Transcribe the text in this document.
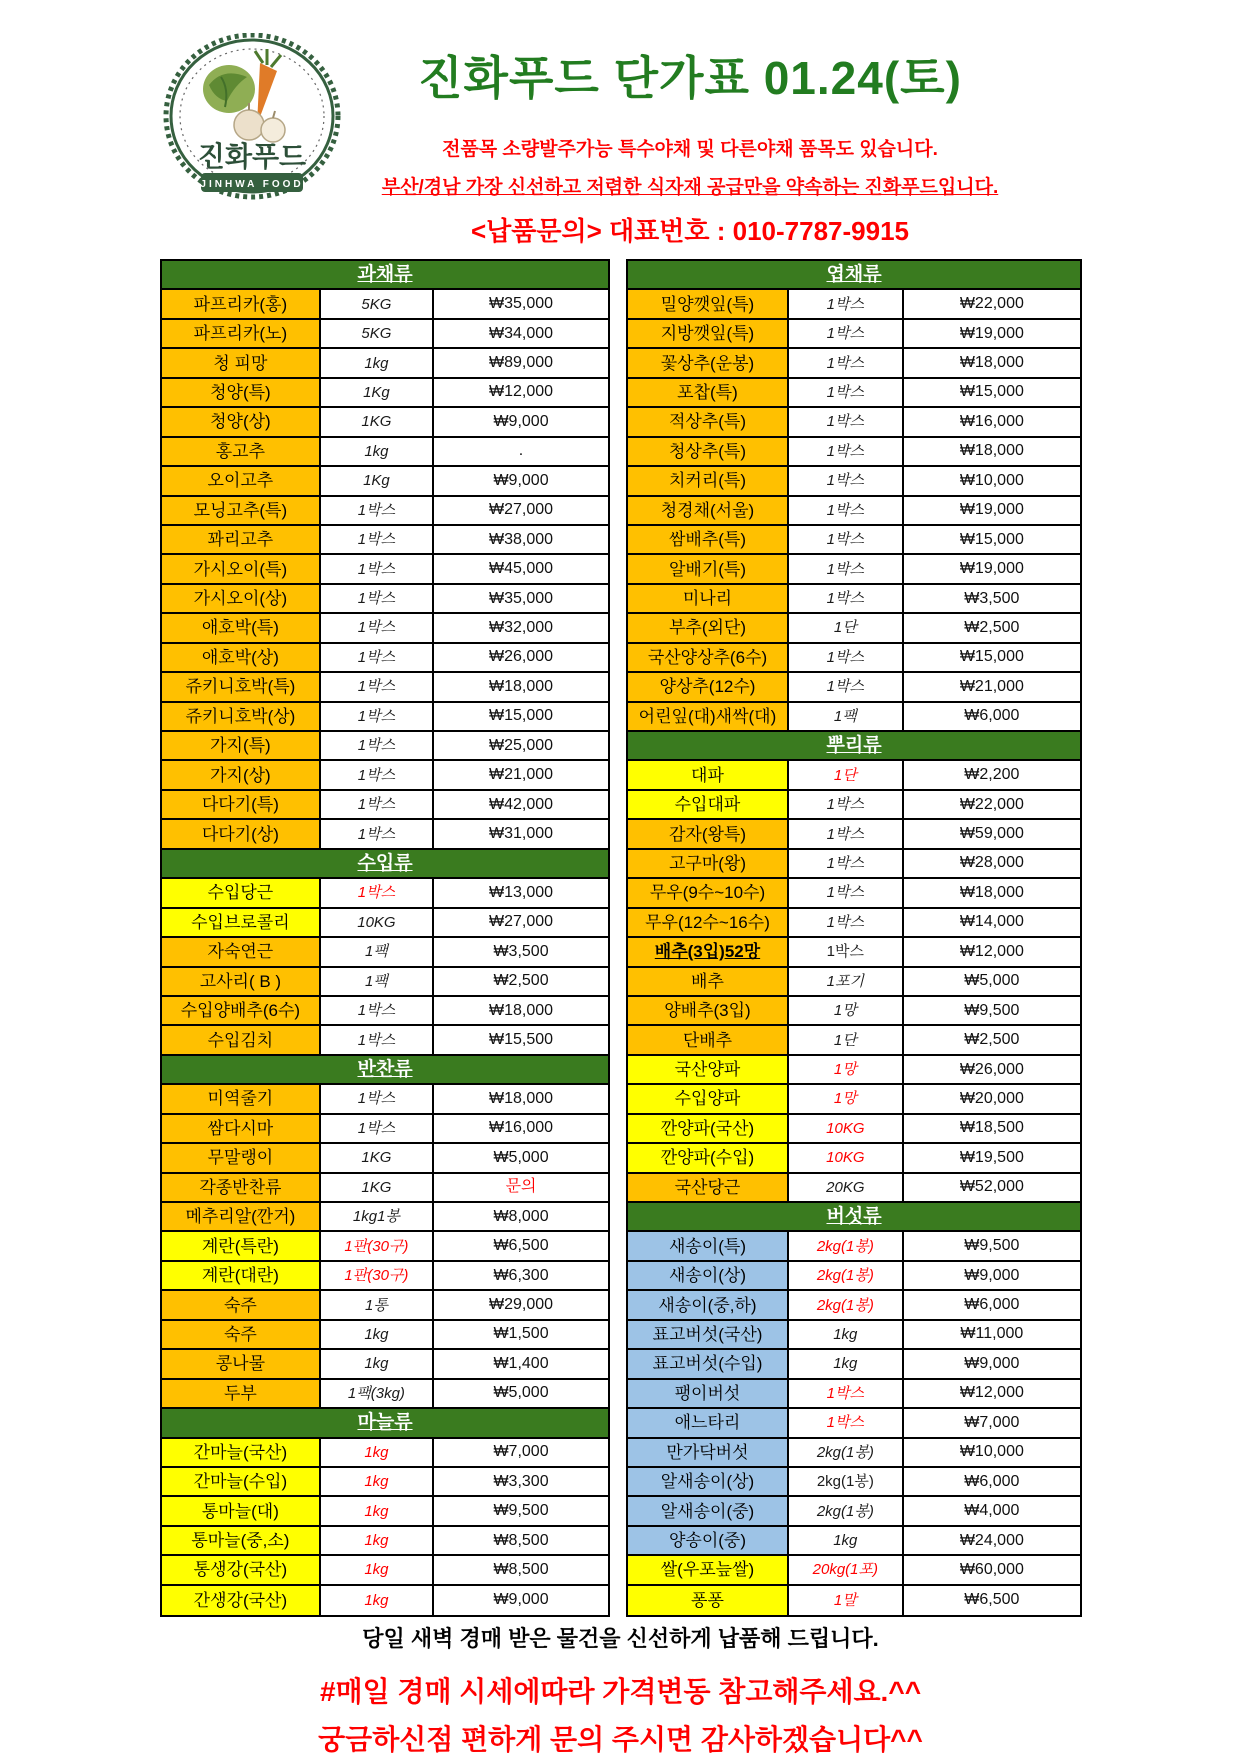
진화푸드
JINHWA FOOD
진화푸드 단가표 01.24(토)
전품목 소량발주가능 특수야채 및 다른야채 품목도 있습니다.
부산/경남 가장 신선하고 저렴한 식자재 공급만을 약속하는 진화푸드입니다.
<납품문의> 대표번호 : 010-7787-9915
과채류
파프리카(홍)	5KG	₩35,000
파프리카(노)	5KG	₩34,000
청 피망	1kg	₩89,000
청양(특)	1Kg	₩12,000
청양(상)	1KG	₩9,000
홍고추	1kg	.
오이고추	1Kg	₩9,000
모닝고추(특)	1박스	₩27,000
꽈리고추	1박스	₩38,000
가시오이(특)	1박스	₩45,000
가시오이(상)	1박스	₩35,000
애호박(특)	1박스	₩32,000
애호박(상)	1박스	₩26,000
쥬키니호박(특)	1박스	₩18,000
쥬키니호박(상)	1박스	₩15,000
가지(특)	1박스	₩25,000
가지(상)	1박스	₩21,000
다다기(특)	1박스	₩42,000
다다기(상)	1박스	₩31,000
수입류
수입당근	1박스	₩13,000
수입브로콜리	10KG	₩27,000
자숙연근	1팩	₩3,500
고사리( B )	1팩	₩2,500
수입양배추(6수)	1박스	₩18,000
수입김치	1박스	₩15,500
반찬류
미역줄기	1박스	₩18,000
쌈다시마	1박스	₩16,000
무말랭이	1KG	₩5,000
각종반찬류	1KG	문의
메추리알(깐거)	1kg1봉	₩8,000
계란(특란)	1판(30구)	₩6,500
계란(대란)	1판(30구)	₩6,300
숙주	1통	₩29,000
숙주	1kg	₩1,500
콩나물	1kg	₩1,400
두부	1팩(3kg)	₩5,000
마늘류
간마늘(국산)	1kg	₩7,000
간마늘(수입)	1kg	₩3,300
통마늘(대)	1kg	₩9,500
통마늘(중,소)	1kg	₩8,500
통생강(국산)	1kg	₩8,500
간생강(국산)	1kg	₩9,000
엽채류
밀양깻잎(특)	1박스	₩22,000
지방깻잎(특)	1박스	₩19,000
꽃상추(운봉)	1박스	₩18,000
포찹(특)	1박스	₩15,000
적상추(특)	1박스	₩16,000
청상추(특)	1박스	₩18,000
치커리(특)	1박스	₩10,000
청경채(서울)	1박스	₩19,000
쌈배추(특)	1박스	₩15,000
알배기(특)	1박스	₩19,000
미나리	1박스	₩3,500
부추(외단)	1단	₩2,500
국산양상추(6수)	1박스	₩15,000
양상추(12수)	1박스	₩21,000
어린잎(대)새싹(대)	1팩	₩6,000
뿌리류
대파	1단	₩2,200
수입대파	1박스	₩22,000
감자(왕특)	1박스	₩59,000
고구마(왕)	1박스	₩28,000
무우(9수~10수)	1박스	₩18,000
무우(12수~16수)	1박스	₩14,000
배추(3입)52망	1박스	₩12,000
배추	1포기	₩5,000
양배추(3입)	1망	₩9,500
단배추	1단	₩2,500
국산양파	1망	₩26,000
수입양파	1망	₩20,000
깐양파(국산)	10KG	₩18,500
깐양파(수입)	10KG	₩19,500
국산당근	20KG	₩52,000
버섯류
새송이(특)	2kg(1봉)	₩9,500
새송이(상)	2kg(1봉)	₩9,000
새송이(중,하)	2kg(1봉)	₩6,000
표고버섯(국산)	1kg	₩11,000
표고버섯(수입)	1kg	₩9,000
팽이버섯	1박스	₩12,000
애느타리	1박스	₩7,000
만가닥버섯	2kg(1봉)	₩10,000
알새송이(상)	2kg(1봉)	₩6,000
알새송이(중)	2kg(1봉)	₩4,000
양송이(중)	1kg	₩24,000
쌀(우포늪쌀)	20kg(1포)	₩60,000
퐁퐁	1말	₩6,500
당일 새벽 경매 받은 물건을 신선하게 납품해 드립니다.
#매일 경매 시세에따라 가격변동 참고해주세요.^^
궁금하신점 편하게 문의 주시면 감사하겠습니다^^
